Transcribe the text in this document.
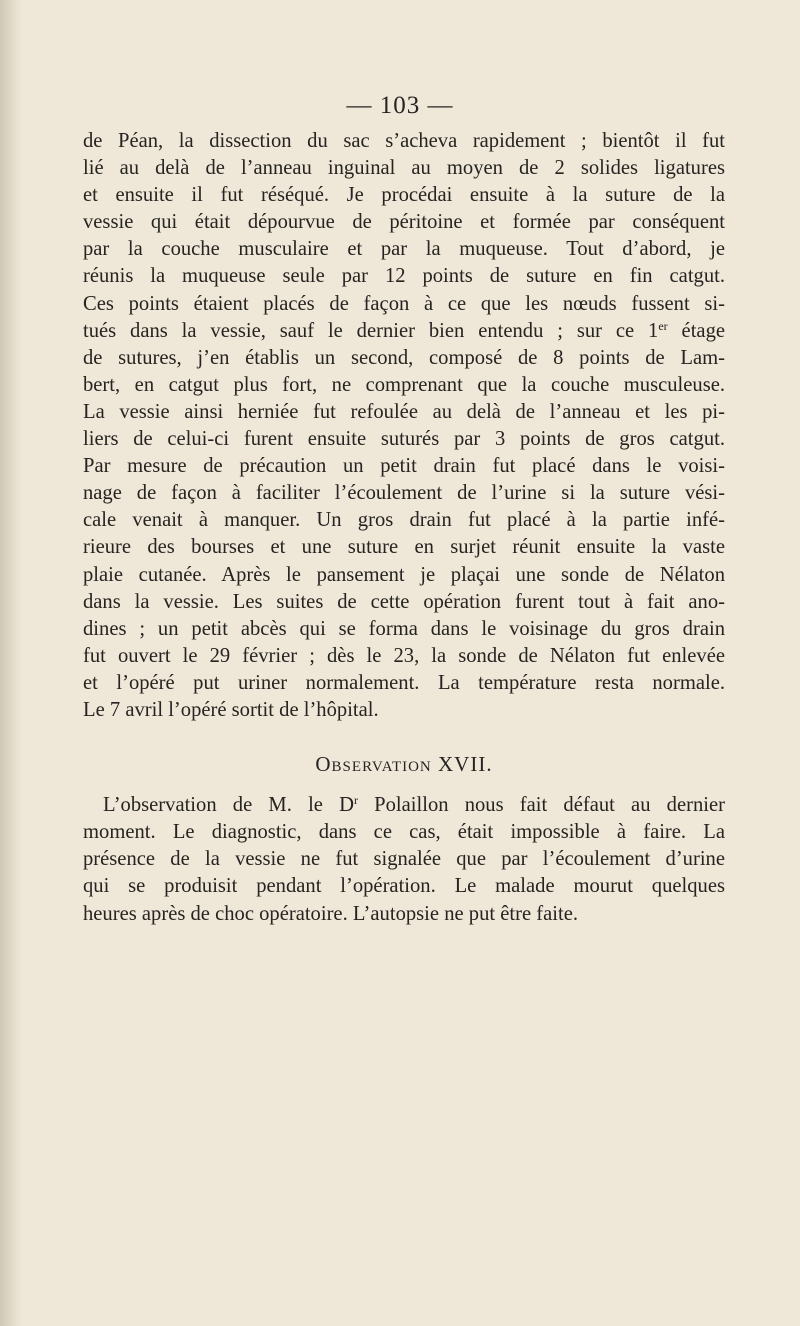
— 103 —
de Péan, la dissection du sac s’acheva rapidement ; bientôt il fut
lié au delà de l’anneau inguinal au moyen de 2 solides ligatures
et ensuite il fut réséqué. Je procédai ensuite à la suture de la
vessie qui était dépourvue de péritoine et formée par conséquent
par la couche musculaire et par la muqueuse. Tout d’abord, je
réunis la muqueuse seule par 12 points de suture en fin catgut.
Ces points étaient placés de façon à ce que les nœuds fussent si-
tués dans la vessie, sauf le dernier bien entendu ; sur ce 1er étage
de sutures, j’en établis un second, composé de 8 points de Lam-
bert, en catgut plus fort, ne comprenant que la couche musculeuse.
La vessie ainsi herniée fut refoulée au delà de l’anneau et les pi-
liers de celui-ci furent ensuite suturés par 3 points de gros catgut.
Par mesure de précaution un petit drain fut placé dans le voisi-
nage de façon à faciliter l’écoulement de l’urine si la suture vési-
cale venait à manquer. Un gros drain fut placé à la partie infé-
rieure des bourses et une suture en surjet réunit ensuite la vaste
plaie cutanée. Après le pansement je plaçai une sonde de Nélaton
dans la vessie. Les suites de cette opération furent tout à fait ano-
dines ; un petit abcès qui se forma dans le voisinage du gros drain
fut ouvert le 29 février ; dès le 23, la sonde de Nélaton fut enlevée
et l’opéré put uriner normalement. La température resta normale.
Le 7 avril l’opéré sortit de l’hôpital.
Observation XVII.
L’observation de M. le $D^r$ Polaillon nous fait défaut au dernier
moment. Le diagnostic, dans ce cas, était impossible à faire. La
présence de la vessie ne fut signalée que par l’écoulement d’urine
qui se produisit pendant l’opération. Le malade mourut quelques
heures après de choc opératoire. L’autopsie ne put être faite.
